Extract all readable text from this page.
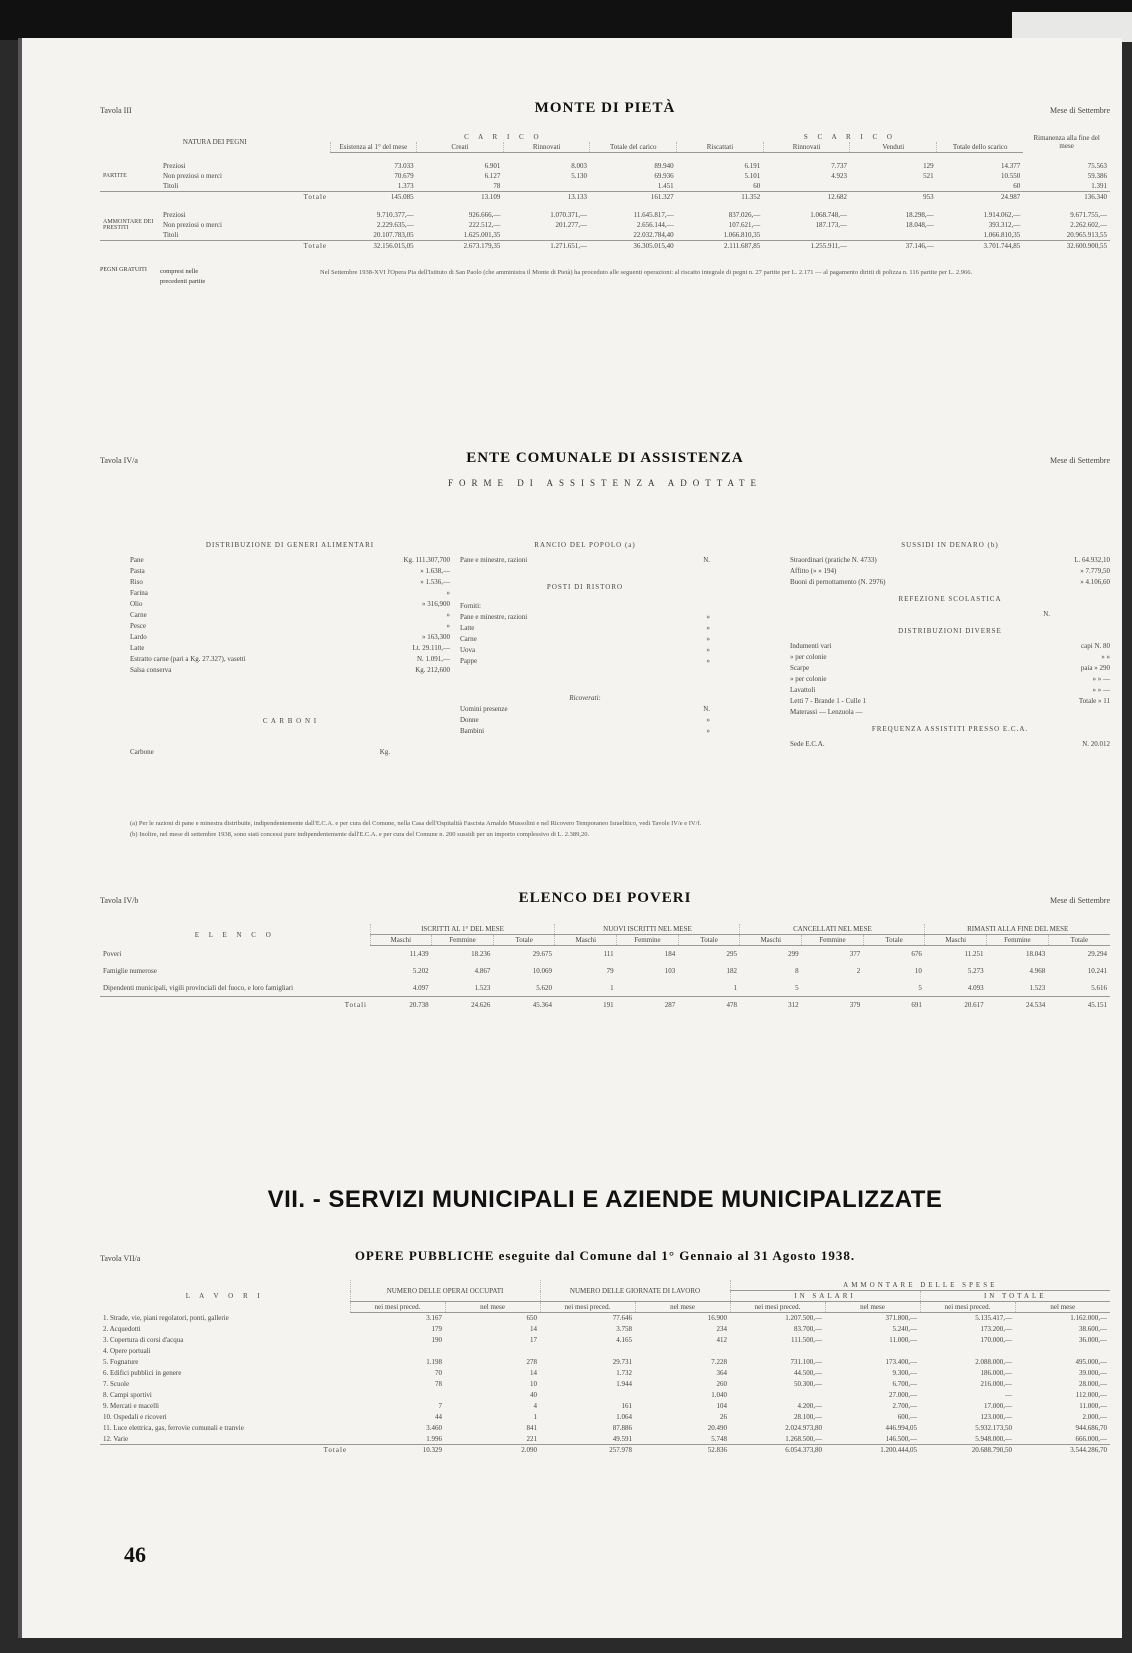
Tavola III	MONTE DI PIETÀ	Mese di Settembre
NATURA DEI PEGNI		C A R I C O				S C A R I C O				Rimanenza alla fine del mese
		Esistenza al 1° del mese	Creati	Rinnovati	Totale del carico	Riscattati	Rinnovati	Venduti	Totale dello scarico	

PARTITE	Preziosi	73.033	6.901	8.003	89.940	6.191	7.737	129	14.377	75.563
	Non preziosi o merci	70.679	6.127	5.130	69.936	5.101	4.923	521	10.550	59.386
	Titoli	1.373	78		1.451	60			60	1.391
	Totale	145.085	13.109	13.133	161.327	11.352	12.682	953	24.987	136.340

AMMONTARE DEI PRESTITI	Preziosi	9.710.377,—	926.666,—	1.070.371,—	11.645.817,—	837.026,—	1.068.748,—	18.298,—	1.914.062,—	9.671.755,—
	Non preziosi o merci	2.229.635,—	222.512,—	201.277,—	2.656.144,—	107.621,—	187.173,—	18.048,—	393.312,—	2.262.602,—
	Titoli	20.107.783,05	1.625.001,35		22.032.784,40	1.066.810,35			1.066.810,35	20.965.913,55
	Totale	32.156.015,05	2.673.179,35	1.271.651,—	36.305.015,40	2.111.687,85	1.255.911,—	37.146,—	3.701.744,85	32.600.900,55
PEGNI GRATUITI	compresi nelle
precedenti partite
Nel Settembre 1938-XVI l'Opera Pia dell'Istituto di San Paolo (che amministra il Monte di Pietà) ha proceduto alle seguenti operazioni: al riscatto integrale di pegni n. 27 partite per L. 2.171 — al pagamento diritti di polizza n. 116 partite per L. 2.966.
Tavola IV/a	ENTE COMUNALE DI ASSISTENZA	Mese di Settembre
FORME DI ASSISTENZA ADOTTATE
DISTRIBUZIONE DI GENERI ALIMENTARI
Pane	Kg. 111.307,700
Pasta	» 1.638,—
Riso	» 1.536,—
Farina	»
Olio	» 316,900
Carne	»
Pesce	»
Lardo	» 163,300
Latte	Lt. 29.110,—
Estratto carne (pari a Kg. 27.327), vasetti	N. 1.091,—
Salsa conserva	Kg. 212,600
C A R B O N I
Carbone	Kg.
RANCIO DEL POPOLO (a)
Pane e minestre, razioni	N.
POSTI DI RISTORO
Forniti:
Pane e minestre, razioni	»
Latte	»
Carne	»
Uova	»
Pappe	»
Ricoverati:
Uomini presenze	N.
Donne	»
Bambini	»
SUSSIDI IN DENARO (b)
Straordinari (pratiche N. 4733)	L. 64.932,10
Affitto (» » 194)	» 7.779,50
Buoni di pernottamento (N. 2976)	» 4.106,60
REFEZIONE SCOLASTICA
N.
DISTRIBUZIONI DIVERSE
Indumenti vari	capi N. 80
» per colonie	» »
Scarpe	paia » 290
» per colonie	» » —
Lavattoli	» » —
Letti 7 - Brande 1 - Culle 1	Totale » 11
Materassi — Lenzuola —
FREQUENZA ASSISTITI PRESSO E.C.A.
Sede E.C.A.	N. 20.012
(a) Per le razioni di pane e minestra distribuite, indipendentemente dall'E.C.A. e per cura del Comune, nella Casa dell'Ospitalità Fascista Arnaldo Mussolini e nel Ricovero Temporaneo Israelitico, vedi Tavole IV/e e IV/f.
(b) Inoltre, nel mese di settembre 1938, sono stati concessi pure indipendentemente dall'E.C.A. e per cura del Comune n. 200 sussidi per un importo complessivo di L. 2.389,20.
Tavola IV/b	ELENCO DEI POVERI	Mese di Settembre
E L E N C O	ISCRITTI AL 1° DEL MESE			NUOVI ISCRITTI NEL MESE			CANCELLATI NEL MESE			RIMASTI ALLA FINE DEL MESE		
	Maschi	Femmine	Totale	Maschi	Femmine	Totale	Maschi	Femmine	Totale	Maschi	Femmine	Totale
Poveri	11.439	18.236	29.675	111	184	295	299	377	676	11.251	18.043	29.294
Famiglie numerose	5.202	4.867	10.069	79	103	182	8	2	10	5.273	4.968	10.241
Dipendenti municipali, vigili provinciali del fuoco, e loro famigliari	4.097	1.523	5.620	1		1	5		5	4.093	1.523	5.616
Totali	20.738	24.626	45.364	191	287	478	312	379	691	20.617	24.534	45.151
VII. - SERVIZI MUNICIPALI E AZIENDE MUNICIPALIZZATE
Tavola VII/a	OPERE PUBBLICHE eseguite dal Comune dal 1° Gennaio al 31 Agosto 1938.
L A V O R I	NUMERO DELLE OPERAI OCCUPATI		NUMERO DELLE GIORNATE DI LAVORO		AMMONTARE DELLE SPESE			
					IN SALARI		IN TOTALE	
	nei mesi preced.	nel mese	nei mesi preced.	nel mese	nei mesi preced.	nel mese	nei mesi preced.	nel mese
1. Strade, vie, piani regolatori, ponti, gallerie	3.167	650	77.646	16.900	1.207.500,—	371.800,—	5.135.417,—	1.162.000,—
2. Acquedotti	179	14	3.758	234	83.700,—	5.240,—	173.200,—	38.600,—
3. Copertura di corsi d'acqua	190	17	4.165	412	111.500,—	11.000,—	170.000,—	36.000,—
4. Opere portuali								
5. Fognature	1.198	278	29.731	7.228	731.100,—	173.400,—	2.088.000,—	495.000,—
6. Edifici pubblici in genere	70	14	1.732	364	44.500,—	9.300,—	186.000,—	39.000,—
7. Scuole	78	10	1.944	260	50.300,—	6.700,—	216.000,—	28.000,—
8. Campi sportivi		40		1.040		27.000,—	—	112.000,—
9. Mercati e macelli	7	4	161	104	4.200,—	2.700,—	17.000,—	11.000,—
10. Ospedali e ricoveri	44	1	1.064	26	28.100,—	600,—	123.000,—	2.000,—
11. Luce elettrica, gas, ferrovie comunali e tranvie	3.460	841	87.886	20.490	2.024.973,80	446.994,05	5.932.173,50	944.686,70
12. Varie	1.996	221	49.591	5.748	1.268.500,—	146.500,—	5.948.000,—	666.000,—
Totale	10.329	2.090	257.978	52.836	6.054.373,80	1.200.444,05	20.688.790,50	3.544.286,70
46
